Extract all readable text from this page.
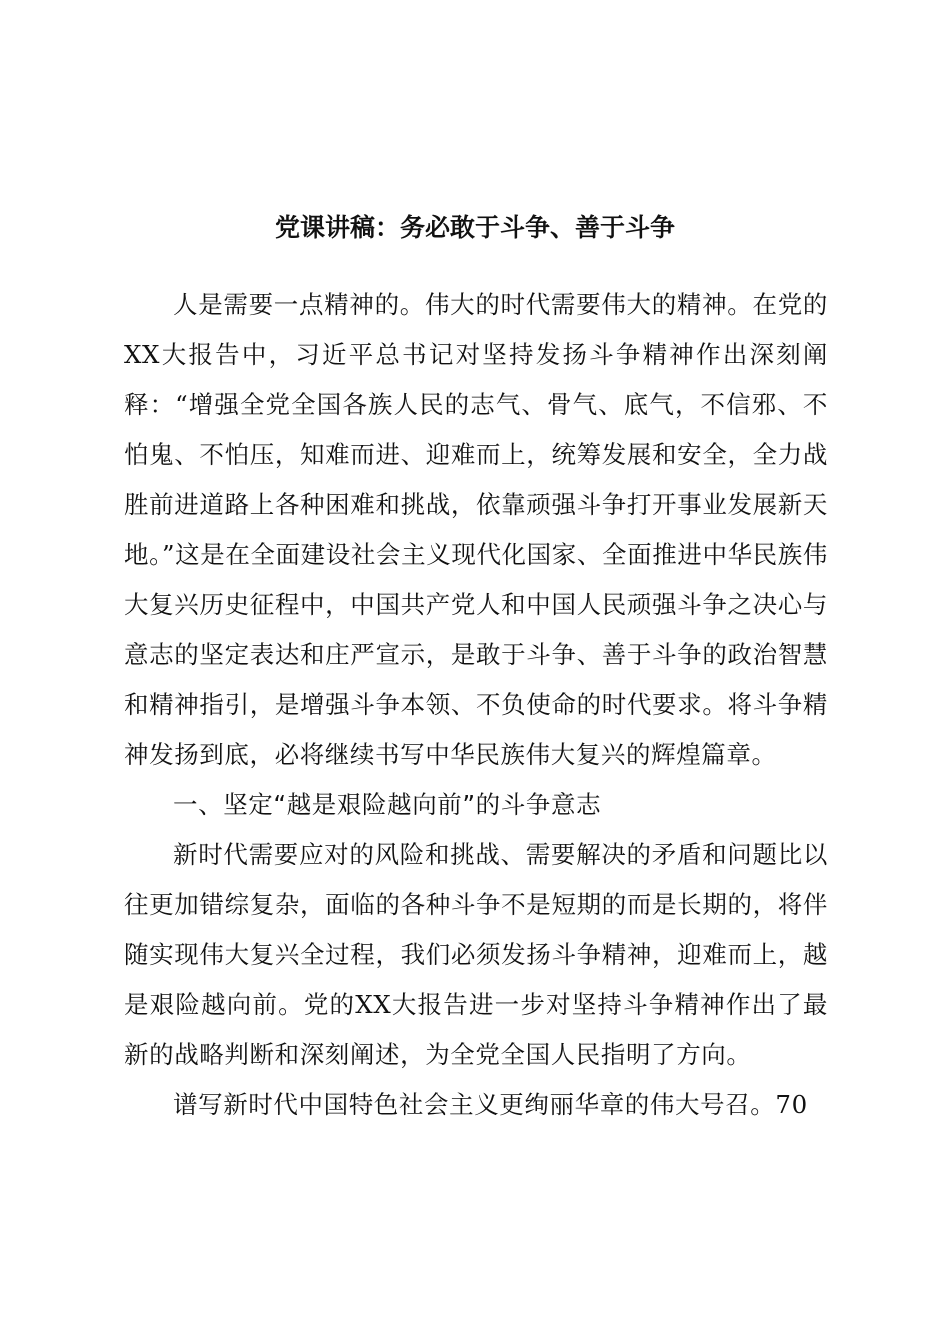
党课讲稿：务必敢于斗争、善于斗争

人是需要一点精神的。伟大的时代需要伟大的精神。在党的XX大报告中，习近平总书记对坚持发扬斗争精神作出深刻阐释：“增强全党全国各族人民的志气、骨气、底气，不信邪、不怕鬼、不怕压，知难而进、迎难而上，统筹发展和安全，全力战胜前进道路上各种困难和挑战，依靠顽强斗争打开事业发展新天地。”这是在全面建设社会主义现代化国家、全面推进中华民族伟大复兴历史征程中，中国共产党人和中国人民顽强斗争之决心与意志的坚定表达和庄严宣示，是敢于斗争、善于斗争的政治智慧和精神指引，是增强斗争本领、不负使命的时代要求。将斗争精神发扬到底，必将继续书写中华民族伟大复兴的辉煌篇章。

一、坚定“越是艰险越向前”的斗争意志

新时代需要应对的风险和挑战、需要解决的矛盾和问题比以往更加错综复杂，面临的各种斗争不是短期的而是长期的，将伴随实现伟大复兴全过程，我们必须发扬斗争精神，迎难而上，越是艰险越向前。党的XX大报告进一步对坚持斗争精神作出了最新的战略判断和深刻阐述，为全党全国人民指明了方向。

谱写新时代中国特色社会主义更绚丽华章的伟大号召。70
